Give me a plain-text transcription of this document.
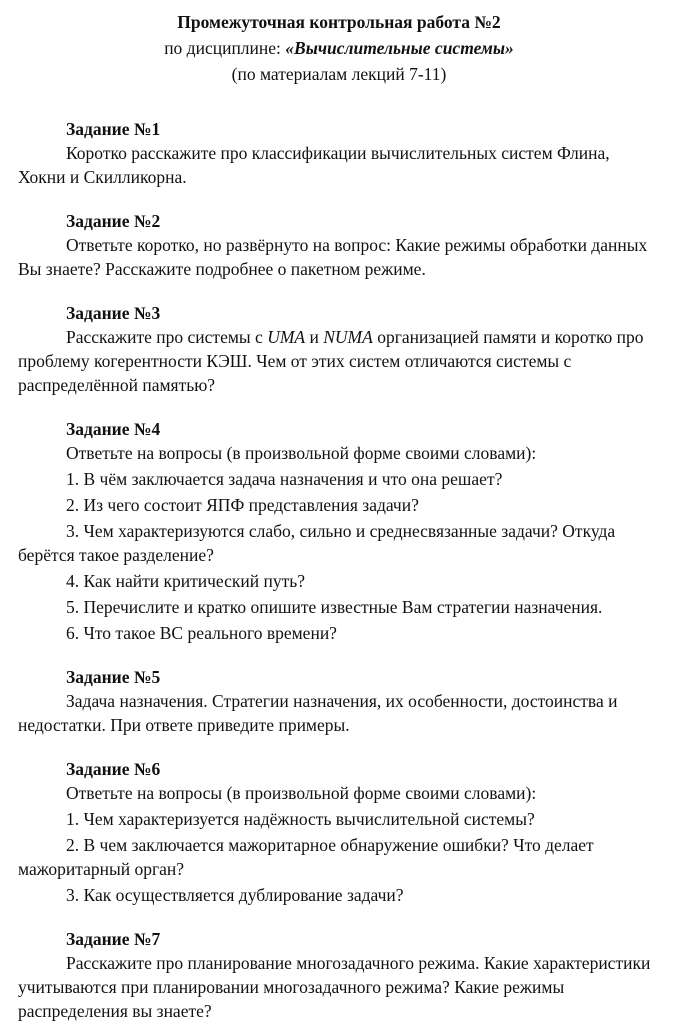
Промежуточная контрольная работа №2
по дисциплине: «Вычислительные системы»
(по материалам лекций 7-11)
Задание №1
Коротко расскажите про классификации вычислительных систем Флина, Хокни и Скилликорна.
Задание №2
Ответьте коротко, но развёрнуто на вопрос: Какие режимы обработки данных Вы знаете? Расскажите подробнее о пакетном режиме.
Задание №3
Расскажите про системы с UMA и NUMA организацией памяти и коротко про проблему когерентности КЭШ. Чем от этих систем отличаются системы с распределённой памятью?
Задание №4
Ответьте на вопросы (в произвольной форме своими словами):
1. В чём заключается задача назначения и что она решает?
2. Из чего состоит ЯПФ представления задачи?
3. Чем характеризуются слабо, сильно и среднесвязанные задачи? Откуда берётся такое разделение?
4. Как найти критический путь?
5. Перечислите и кратко опишите известные Вам стратегии назначения.
6. Что такое ВС реального времени?
Задание №5
Задача назначения. Стратегии назначения, их особенности, достоинства и недостатки. При ответе приведите примеры.
Задание №6
Ответьте на вопросы (в произвольной форме своими словами):
1. Чем характеризуется надёжность вычислительной системы?
2. В чем заключается мажоритарное обнаружение ошибки? Что делает мажоритарный орган?
3. Как осуществляется дублирование задачи?
Задание №7
Расскажите про планирование многозадачного режима. Какие характеристики учитываются при планировании многозадачного режима? Какие режимы распределения вы знаете?
